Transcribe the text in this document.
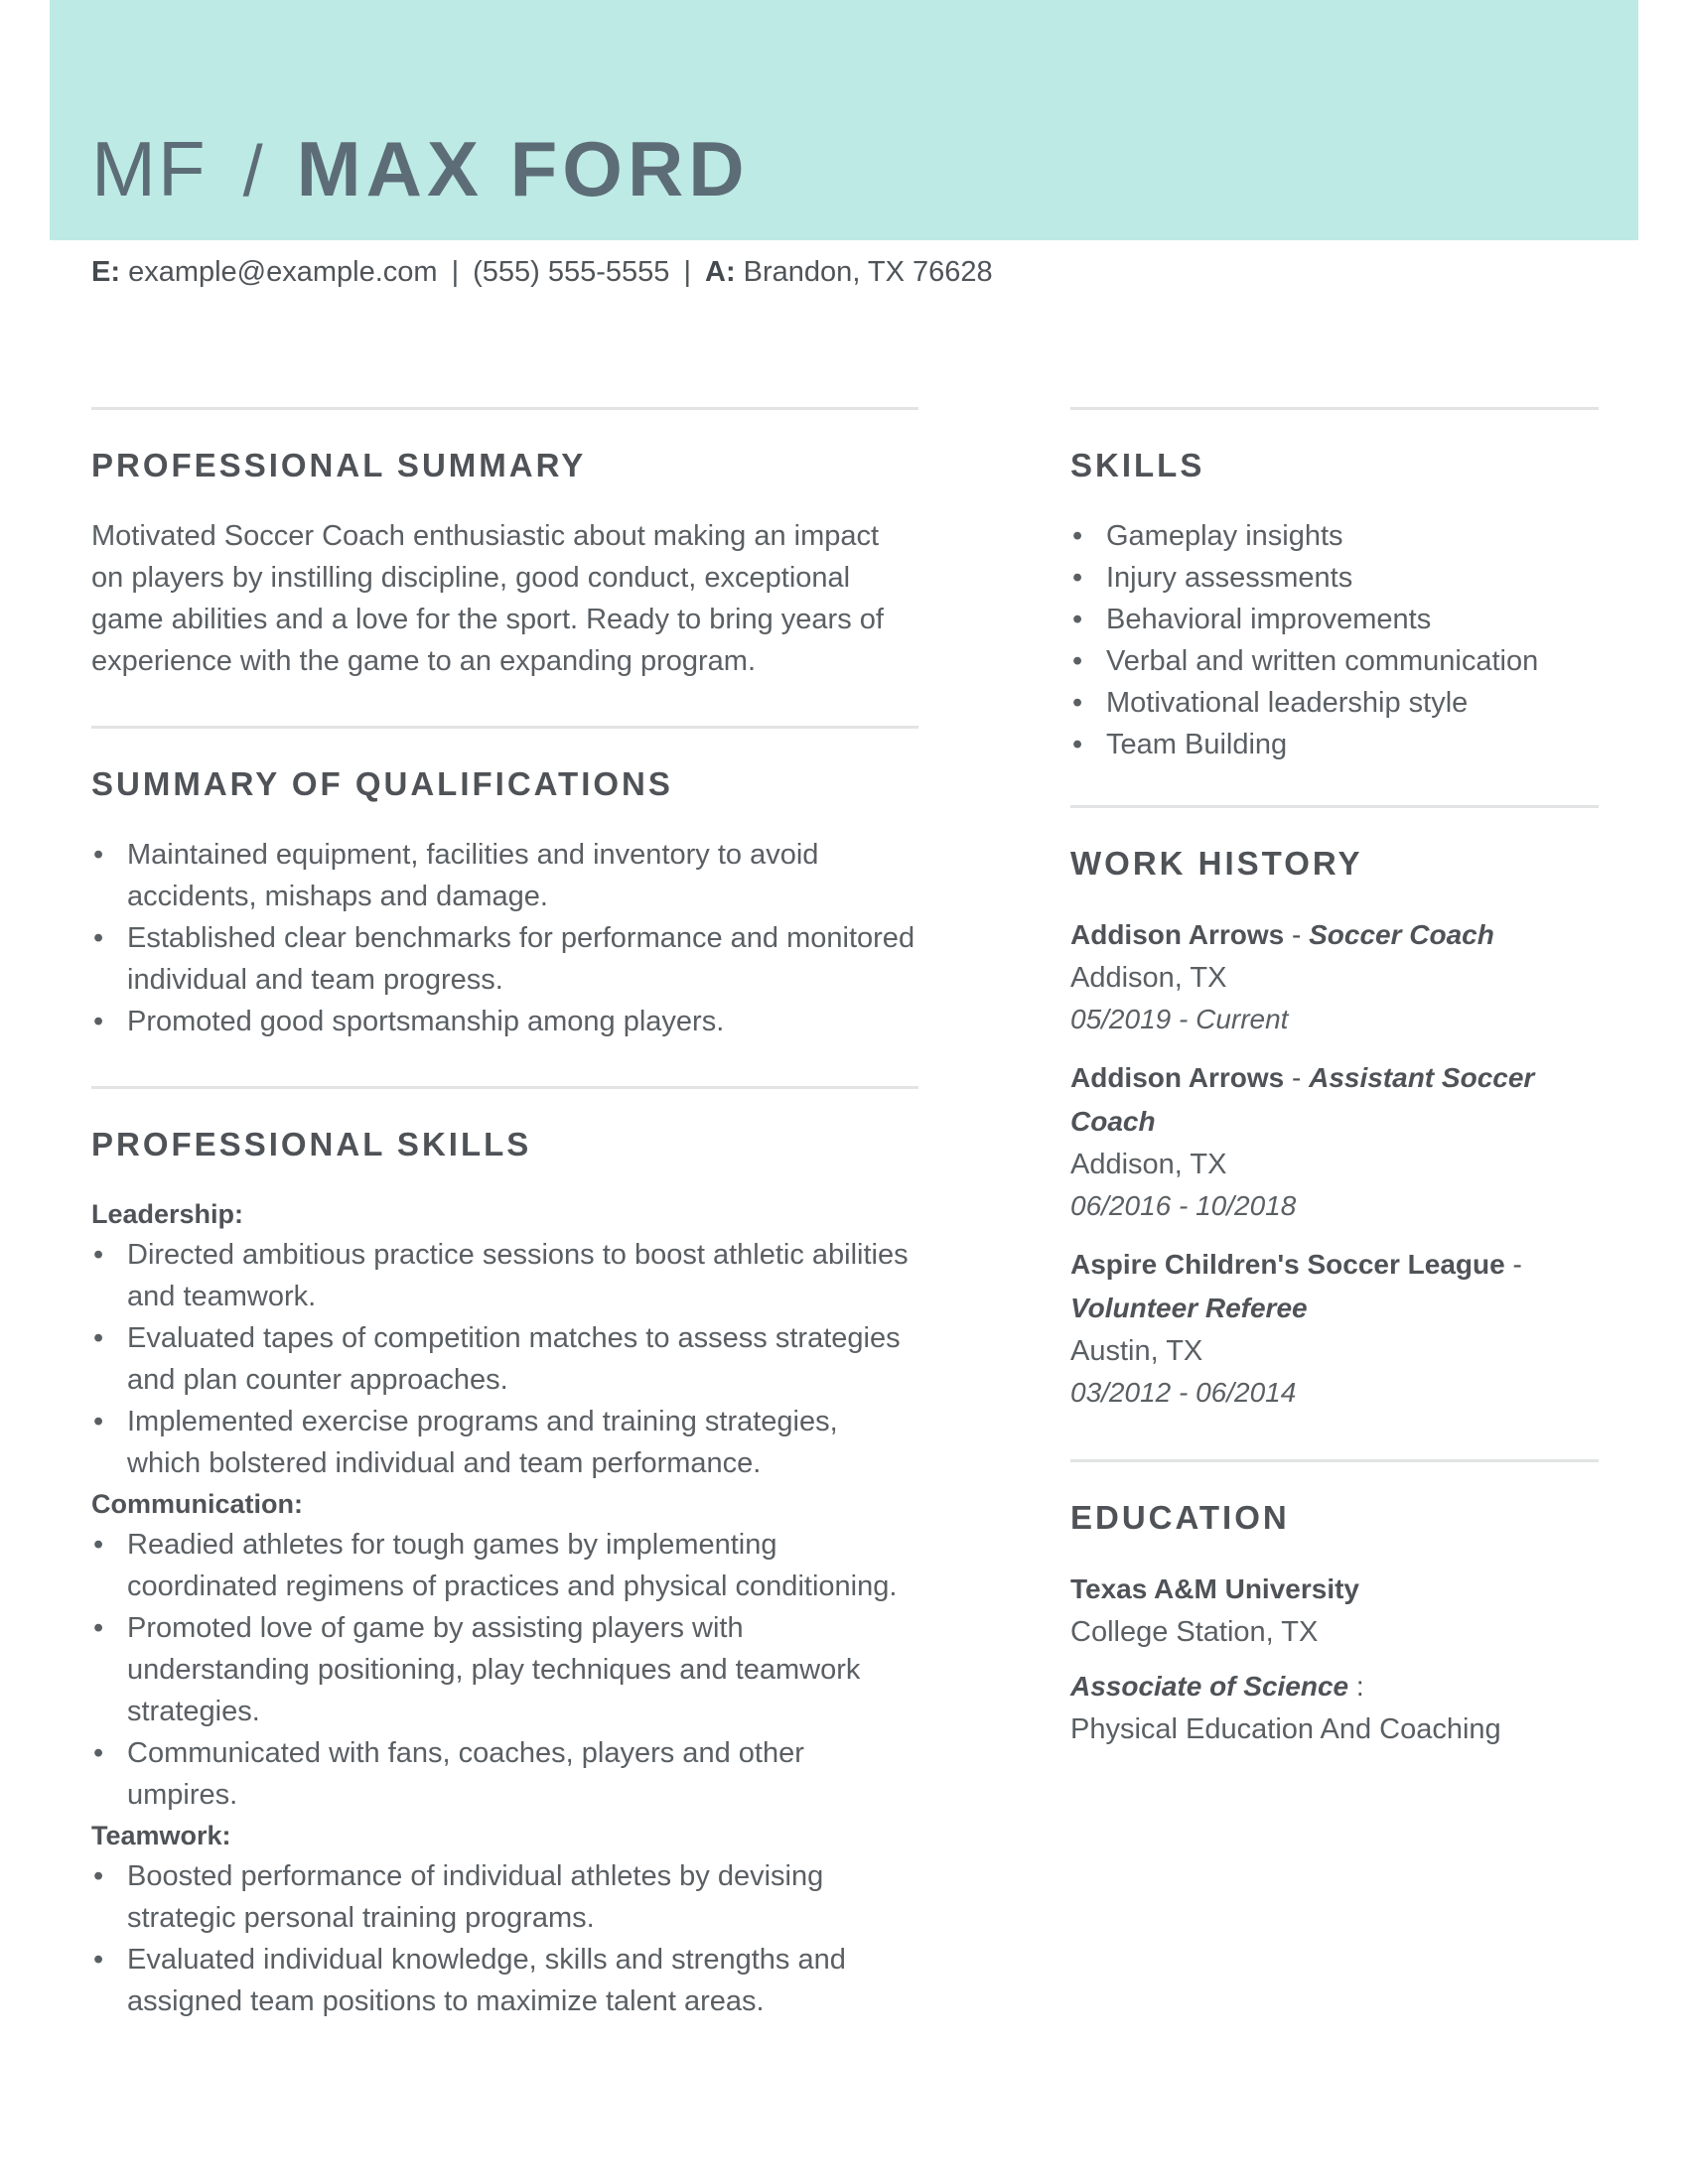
MF / MAX FORD
E: example@example.com | (555) 555-5555 | A: Brandon, TX 76628
PROFESSIONAL SUMMARY

Motivated Soccer Coach enthusiastic about making an impact on players by instilling discipline, good conduct, exceptional game abilities and a love for the sport. Ready to bring years of experience with the game to an expanding program.

SUMMARY OF QUALIFICATIONS
• Maintained equipment, facilities and inventory to avoid accidents, mishaps and damage.
• Established clear benchmarks for performance and monitored individual and team progress.
• Promoted good sportsmanship among players.
PROFESSIONAL SKILLS
Leadership:
• Directed ambitious practice sessions to boost athletic abilities and teamwork.
• Evaluated tapes of competition matches to assess strategies and plan counter approaches.
• Implemented exercise programs and training strategies, which bolstered individual and team performance.
Communication:
• Readied athletes for tough games by implementing coordinated regimens of practices and physical conditioning.
• Promoted love of game by assisting players with understanding positioning, play techniques and teamwork strategies.
• Communicated with fans, coaches, players and other umpires.
Teamwork:
• Boosted performance of individual athletes by devising strategic personal training programs.
• Evaluated individual knowledge, skills and strengths and assigned team positions to maximize talent areas.
SKILLS
• Gameplay insights
• Injury assessments
• Behavioral improvements
• Verbal and written communication
• Motivational leadership style
• Team Building
WORK HISTORY
Addison Arrows - Soccer Coach
Addison, TX
05/2019 - Current
Addison Arrows - Assistant Soccer Coach
Addison, TX
06/2016 - 10/2018
Aspire Children's Soccer League - Volunteer Referee
Austin, TX
03/2012 - 06/2014
EDUCATION
Texas A&M University
College Station, TX
Associate of Science :
Physical Education And Coaching
